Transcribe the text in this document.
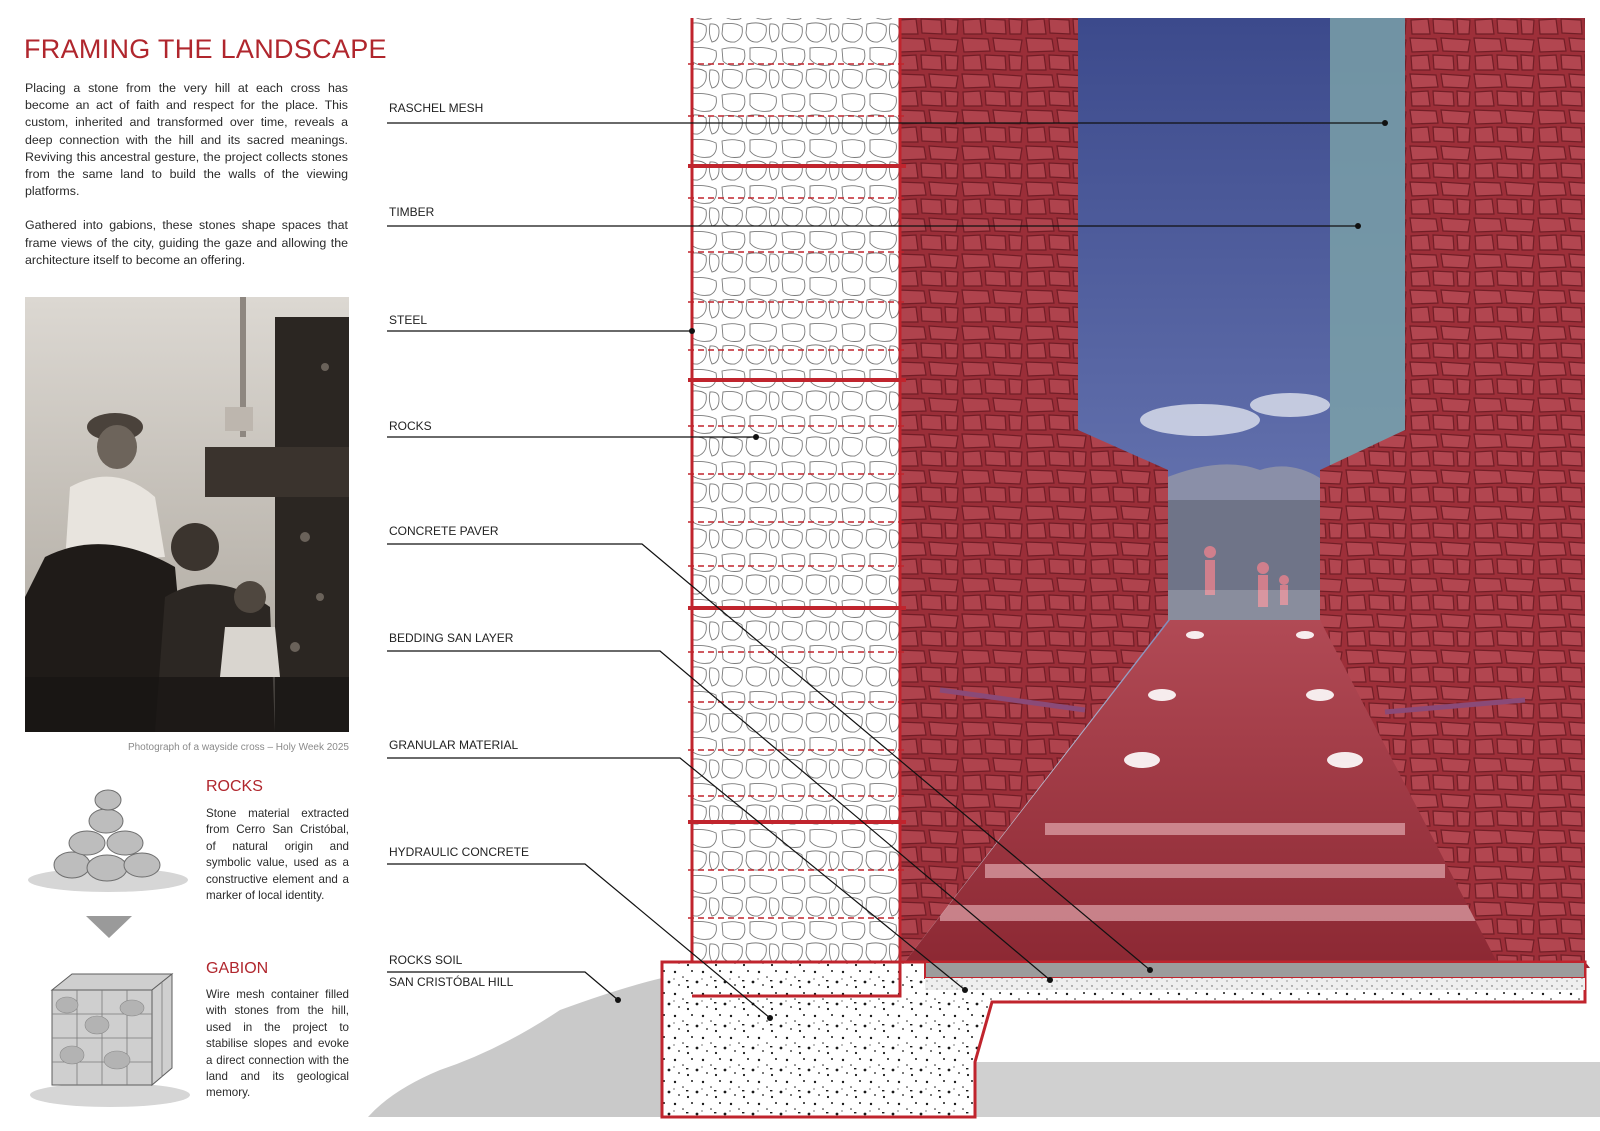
FRAMING THE LANDSCAPE

Placing a stone from the very hill at each cross has become an act of faith and respect for the place. This custom, inherited and transformed over time, reveals a deep connection with the hill and its sacred meanings. Reviving this ancestral gesture, the project collects stones from the same land to build the walls of the viewing platforms.

Gathered into gabions, these stones shape spaces that frame views of the city, guiding the gaze and allowing the architecture itself to become an offering.

Photograph of a wayside cross – Holy Week 2025
ROCKS
Stone material extracted from Cerro San Cristóbal, of natural origin and symbolic value, used as a constructive element and a marker of local identity.
GABION
Wire mesh container filled with stones from the hill, used in the project to stabilise slopes and evoke a direct connection with the land and its geological memory.
RASCHEL MESH
TIMBER
STEEL
ROCKS
CONCRETE PAVER
BEDDING SAN LAYER
GRANULAR MATERIAL
HYDRAULIC CONCRETE
ROCKS SOIL
SAN CRISTÓBAL HILL
